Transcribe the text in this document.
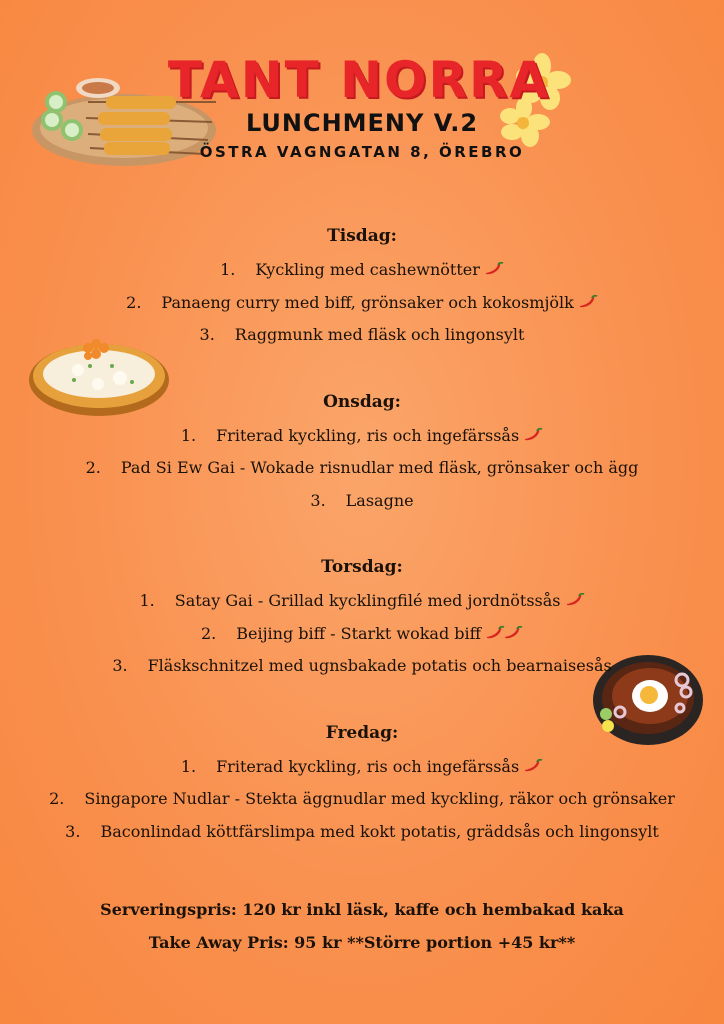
TANT NORRA
LUNCHMENY V.2
ÖSTRA VAGNGATAN 8, ÖREBRO
Tisdag:
1. Kyckling med cashewnötter
2. Panaeng curry med biff, grönsaker och kokosmjölk
3. Raggmunk med fläsk och lingonsylt
Onsdag:
1. Friterad kyckling, ris och ingefärssås
2. Pad Si Ew Gai - Wokade risnudlar med fläsk, grönsaker och ägg
3. Lasagne
Torsdag:
1. Satay Gai - Grillad kycklingfilé med jordnötssås
2. Beijing biff - Starkt wokad biff
3. Fläskschnitzel med ugnsbakade potatis och bearnaisesås
Fredag:
1. Friterad kyckling, ris och ingefärssås
2. Singapore Nudlar - Stekta äggnudlar med kyckling, räkor och grönsaker
3. Baconlindad köttfärslimpa med kokt potatis, gräddsås och lingonsylt

Serveringspris: 120 kr inkl läsk, kaffe och hembakad kaka

Take Away Pris: 95 kr **Större portion +45 kr**
